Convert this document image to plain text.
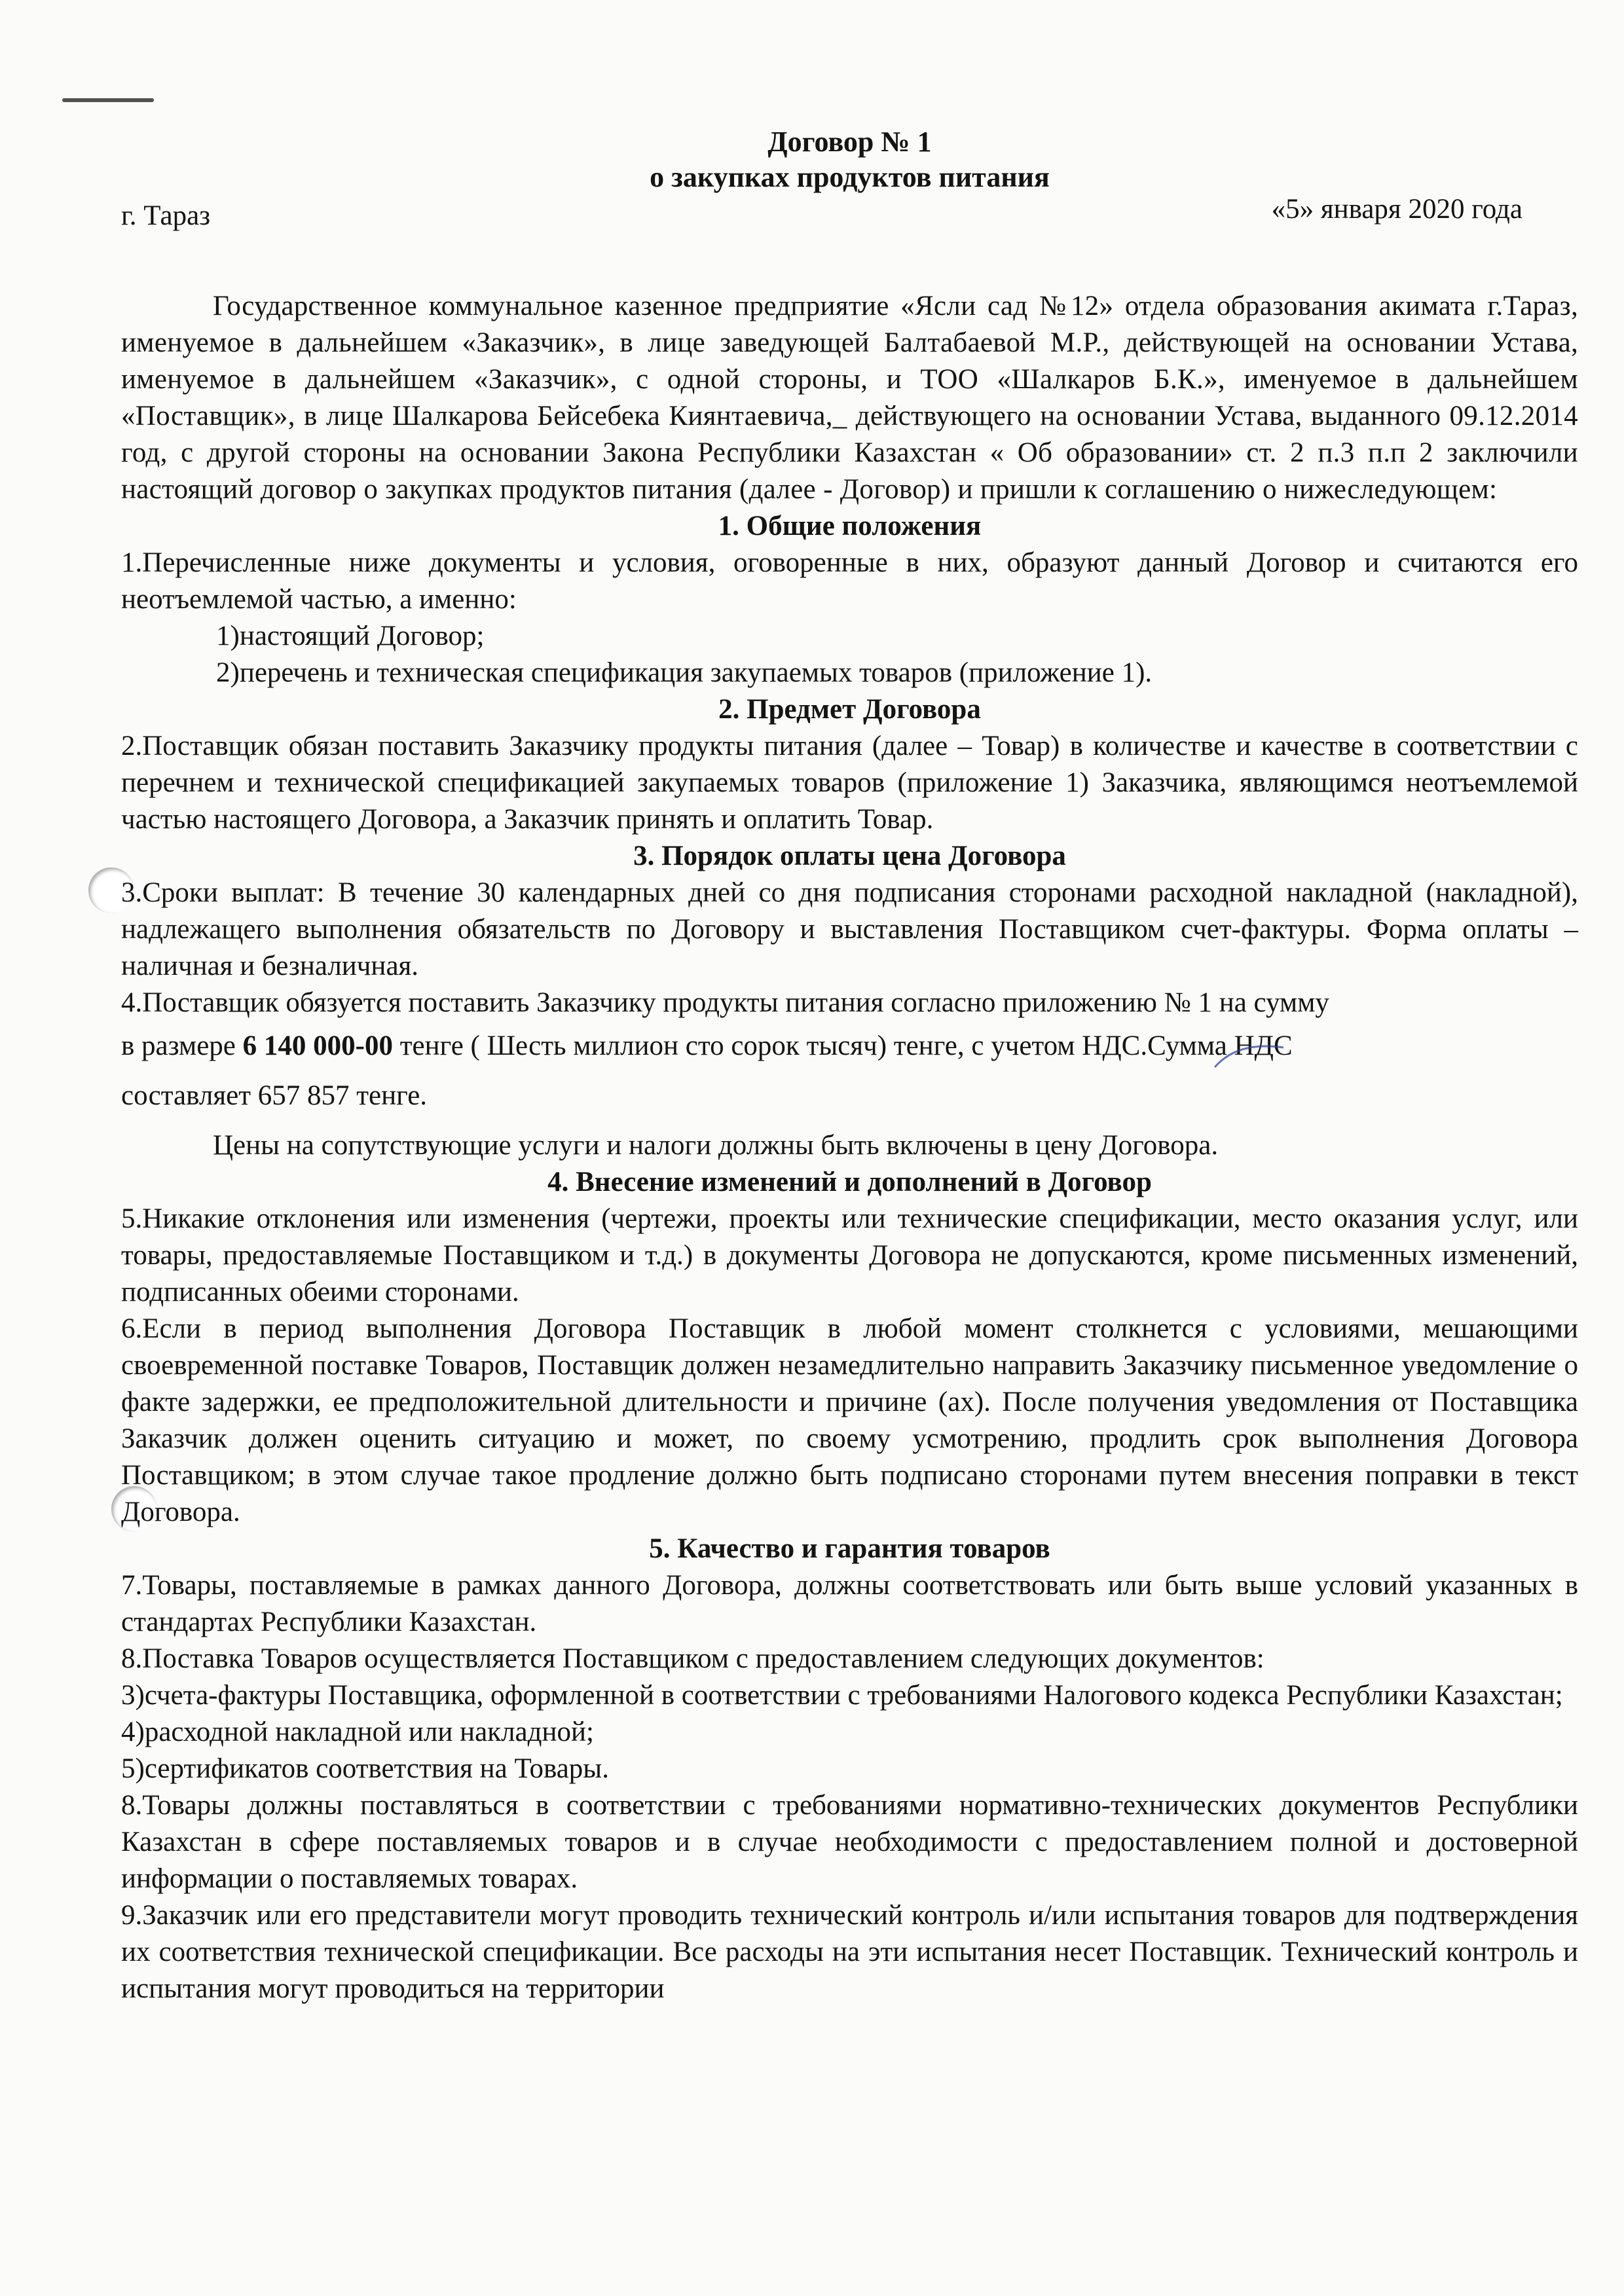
Договор № 1
о закупках продуктов питания
г. Тараз	«5» января 2020 года

Государственное коммунальное казенное предприятие «Ясли сад №12» отдела образования акимата г.Тараз, именуемое в дальнейшем «Заказчик», в лице заведующей Балтабаевой М.Р., действующей на основании Устава, именуемое в дальнейшем «Заказчик», с одной стороны, и ТОО «Шалкаров Б.К.», именуемое в дальнейшем «Поставщик», в лице Шалкарова Бейсебека Киянтаевича,_ действующего на основании Устава, выданного 09.12.2014 год, с другой стороны на основании Закона Республики Казахстан « Об образовании» ст. 2 п.3 п.п 2 заключили настоящий договор о закупках продуктов питания (далее - Договор) и пришли к соглашению о нижеследующем:

1. Общие положения

1.Перечисленные ниже документы и условия, оговоренные в них, образуют данный Договор и считаются его неотъемлемой частью, а именно:

1)настоящий Договор;

2)перечень и техническая спецификация закупаемых товаров (приложение 1).

2. Предмет Договора

2.Поставщик обязан поставить Заказчику продукты питания (далее – Товар) в количестве и качестве в соответствии с перечнем и технической спецификацией закупаемых товаров (приложение 1) Заказчика, являющимся неотъемлемой частью настоящего Договора, а Заказчик принять и оплатить Товар.

3. Порядок оплаты цена Договора

3.Сроки выплат: В течение 30 календарных дней со дня подписания сторонами расходной накладной (накладной), надлежащего выполнения обязательств по Договору и выставления Поставщиком счет-фактуры. Форма оплаты – наличная и безналичная.

4.Поставщик обязуется поставить Заказчику продукты питания согласно приложению № 1 на сумму

в размере 6 140 000-00 тенге ( Шесть миллион сто сорок тысяч) тенге, с учетом НДС.Сумма НДС

составляет 657 857 тенге.

Цены на сопутствующие услуги и налоги должны быть включены в цену Договора.

4. Внесение изменений и дополнений в Договор

5.Никакие отклонения или изменения (чертежи, проекты или технические спецификации, место оказания услуг, или товары, предоставляемые Поставщиком и т.д.) в документы Договора не допускаются, кроме письменных изменений, подписанных обеими сторонами.

6.Если в период выполнения Договора Поставщик в любой момент столкнется с условиями, мешающими своевременной поставке Товаров, Поставщик должен незамедлительно направить Заказчику письменное уведомление о факте задержки, ее предположительной длительности и причине (ах). После получения уведомления от Поставщика Заказчик должен оценить ситуацию и может, по своему усмотрению, продлить срок выполнения Договора Поставщиком; в этом случае такое продление должно быть подписано сторонами путем внесения поправки в текст Договора.

5. Качество и гарантия товаров

7.Товары, поставляемые в рамках данного Договора, должны соответствовать или быть выше условий указанных в стандартах Республики Казахстан.

8.Поставка Товаров осуществляется Поставщиком с предоставлением следующих документов:

3)счета-фактуры Поставщика, оформленной в соответствии с требованиями Налогового кодекса Республики Казахстан;

4)расходной накладной или накладной;

5)сертификатов соответствия на Товары.

8.Товары должны поставляться в соответствии с требованиями нормативно-технических документов Республики Казахстан в сфере поставляемых товаров и в случае необходимости с предоставлением полной и достоверной информации о поставляемых товарах.

9.Заказчик или его представители могут проводить технический контроль и/или испытания товаров для подтверждения их соответствия технической спецификации. Все расходы на эти испытания несет Поставщик. Технический контроль и испытания могут проводиться на территории
